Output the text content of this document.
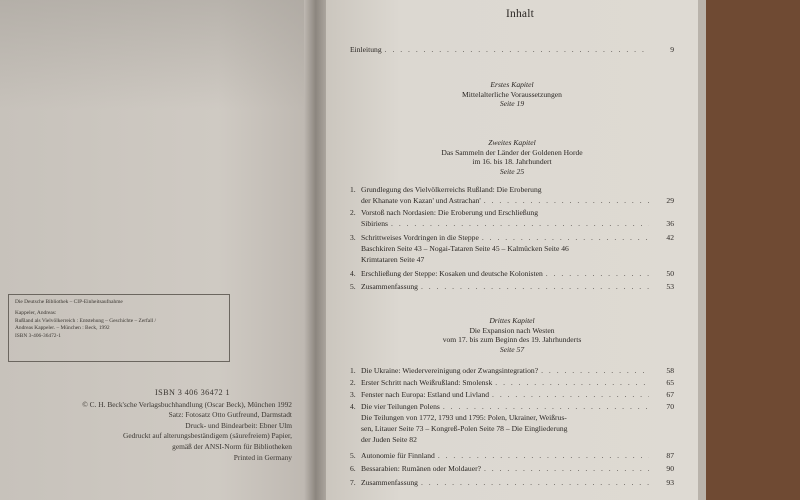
Die Deutsche Bibliothek – CIP-Einheitsaufnahme
Kappeler, Andreas:
Rußland als Vielvölkerreich : Entstehung – Geschichte – Zerfall /
Andreas Kappeler. – München : Beck, 1992
ISBN 3-406-36472-1
ISBN 3 406 36472 1
© C. H. Beck'sche Verlagsbuchhandlung (Oscar Beck), München 1992
Satz: Fotosatz Otto Gutfreund, Darmstadt
Druck- und Bindearbeit: Ebner Ulm
Gedruckt auf alterungsbeständigem (säurefreiem) Papier,
gemäß der ANSI-Norm für Bibliotheken
Printed in Germany
Inhalt
Einleitung . . .	9
Erstes Kapitel
Mittelalterliche Voraussetzungen
Seite 19
Zweites Kapitel
Das Sammeln der Länder der Goldenen Horde
im 16. bis 18. Jahrhundert
Seite 25
1. Grundlegung des Vielvölkerreichs Rußland: Die Eroberung
der Khanate von Kazan' und Astrachan' . . .	29
2. Vorstoß nach Nordasien: Die Eroberung und Erschließung
Sibiriens . . .	36
3. Schrittweises Vordringen in die Steppe . . .	42
Baschkiren Seite 43 – Nogai-Tataren Seite 45 – Kalmücken Seite 46
Krimtataren Seite 47
4. Erschließung der Steppe: Kosaken und deutsche Kolonisten . . .	50
5. Zusammenfassung . . .	53
Drittes Kapitel
Die Expansion nach Westen
vom 17. bis zum Beginn des 19. Jahrhunderts
Seite 57
1. Die Ukraine: Wiedervereinigung oder Zwangsintegration? . . .	58
2. Erster Schritt nach Weißrußland: Smolensk . . .	65
3. Fenster nach Europa: Estland und Livland . . .	67
4. Die vier Teilungen Polens . . .	70
Die Teilungen von 1772, 1793 und 1795: Polen, Ukrainer, Weißrus-
sen, Litauer Seite 73 – Kongreß-Polen Seite 78 – Die Eingliederung
der Juden Seite 82
5. Autonomie für Finnland . . .	87
6. Bessarabien: Rumänen oder Moldauer? . . .	90
7. Zusammenfassung . . .	93
